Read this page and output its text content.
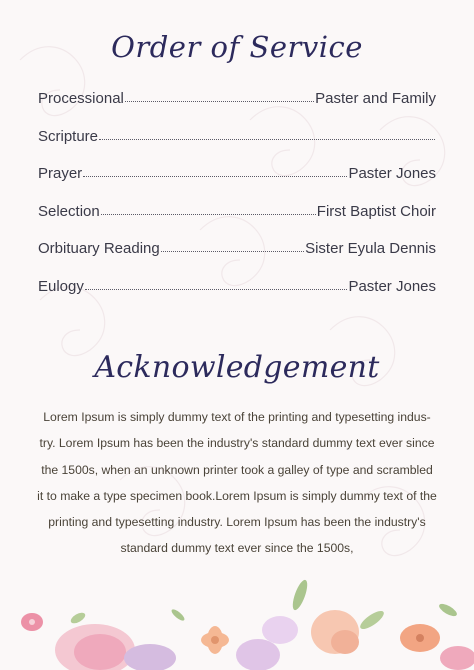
Order of Service
Processional	Paster and Family
Scripture
Prayer	Paster Jones
Selection	First Baptist Choir
Orbituary Reading	Sister Eyula Dennis
Eulogy	Paster Jones
Acknowledgement
Lorem Ipsum is simply dummy text of the printing and typesetting indus-
try. Lorem Ipsum has been the industry's standard dummy text ever since
the 1500s, when an unknown printer took a galley of type and scrambled
it to make a type specimen book.Lorem Ipsum is simply dummy text of the
printing and typesetting industry. Lorem Ipsum has been the industry's
standard dummy text ever since the 1500s,
